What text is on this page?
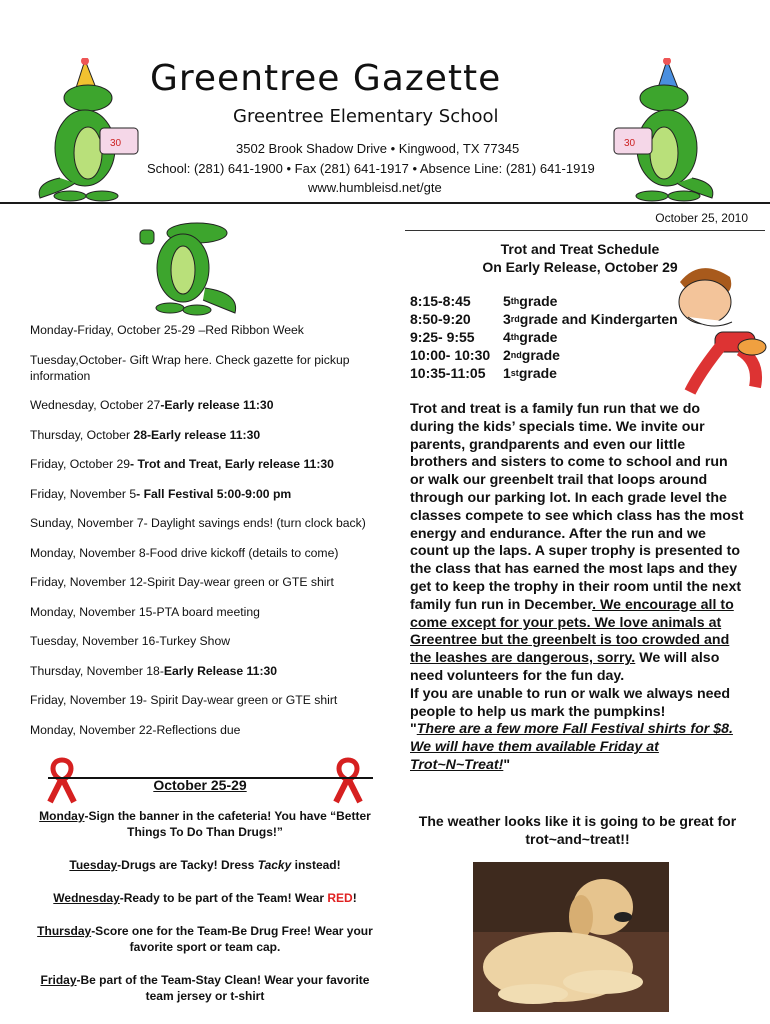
30	30
Greentree Gazette
Greentree Elementary School
3502 Brook Shadow Drive • Kingwood, TX 77345
School: (281) 641-1900 • Fax (281) 641-1917 • Absence Line: (281) 641-1919
www.humbleisd.net/gte
October 25, 2010

Monday-Friday, October 25-29 –Red Ribbon Week

Tuesday,October- Gift Wrap here. Check gazette for pickup information

Wednesday, October 27-Early release 11:30

Thursday, October 28-Early release 11:30

Friday, October 29- Trot and Treat, Early release 11:30

Friday, November 5- Fall Festival 5:00-9:00 pm

Sunday, November 7- Daylight savings ends! (turn clock back)

Monday, November 8-Food drive kickoff (details to come)

Friday, November 12-Spirit Day-wear green or GTE shirt

Monday, November 15-PTA board meeting

Tuesday, November 16-Turkey Show

Thursday, November 18-Early Release 11:30

Friday, November 19- Spirit Day-wear green or GTE shirt

Monday, November 22-Reflections due

October 25-29

Monday-Sign the banner in the cafeteria! You have “Better Things To Do Than Drugs!”

Tuesday-Drugs are Tacky! Dress Tacky instead!

Wednesday-Ready to be part of the Team! Wear RED!

Thursday-Score one for the Team-Be Drug Free! Wear your favorite sport or team cap.

Friday-Be part of the Team-Stay Clean! Wear your favorite team jersey or t-shirt

Trot and Treat Schedule
On Early Release, October 29
8:15-8:45	5 th grade
8:50-9:20	3 rd grade and Kindergarten
9:25- 9:55	4 th grade
10:00- 10:30 2 nd grade
10:35-11:05	1 st grade
Trot and treat is a family fun run that we do during the kids’ specials time. We invite our parents, grandparents and even our little brothers and sisters to come to school and run or walk our greenbelt trail that loops around through our parking lot. In each grade level the classes compete to see which class has the most energy and endurance. After the run and we count up the laps. A super trophy is presented to the class that has earned the most laps and they get to keep the trophy in their room until the next family fun run in December. We encourage all to come except for your pets. We love animals at Greentree but the greenbelt is too crowded and the leashes are dangerous, sorry. We will also need volunteers for the fun day.
If you are unable to run or walk we always need people to help us mark the pumpkins!
"There are a few more Fall Festival shirts for $8. We will have them available Friday at Trot~N~Treat!"
The weather looks like it is going to be great for trot~and~treat!!
